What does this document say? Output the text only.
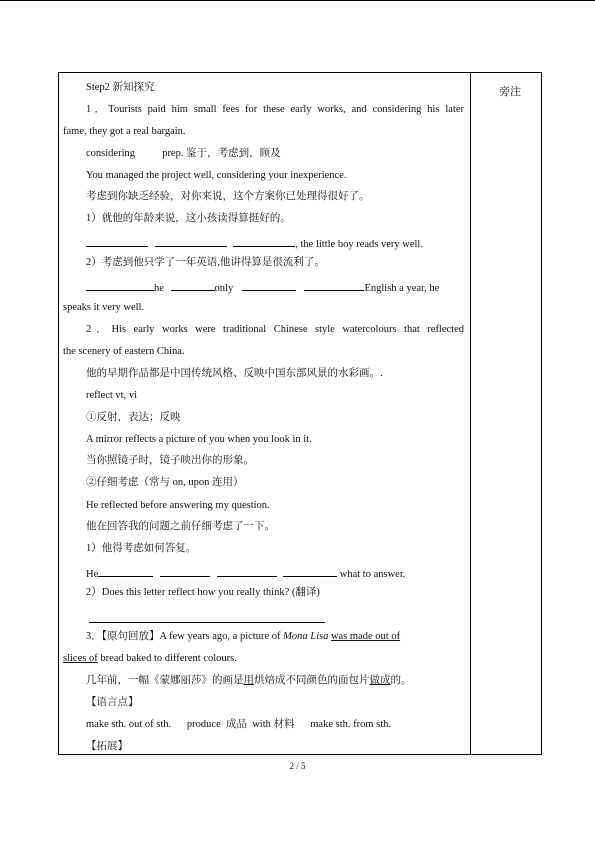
旁注
Step2 新知探究
1．Tourists paid him small fees for these early works, and considering his later
fame, they got a real bargain.
considering	prep. 鉴于，考虑到，顾及
You managed the project well, considering your inexperience.
考虑到你缺乏经验，对你来说，这个方案你已处理得很好了。
1）就他的年龄来说，这小孩读得算挺好的。
, the little boy reads very well.
2）考虑到他只学了一年英语,他讲得算是很流利了。
he	only	English a year, he
speaks it very well.
2．His early works were traditional Chinese style watercolours that reflected
the scenery of eastern China.
他的早期作品都是中国传统风格、反映中国东部风景的水彩画。.
reflect vt, vi
①反射，表达；反映
A mirror reflects a picture of you when you look in it.
当你照镜子时，镜子映出你的形象。
②仔细考虑（常与 on, upon 连用）
He reflected before answering my question.
他在回答我的问题之前仔细考虑了一下。
1）他得考虑如何答复。
He	what to answer.
2）Does this letter reflect how you really think? (翻译)
3．【原句回放】A few years ago, a picture of Mona Lisa was made out of
slices of bread baked to different colours.
几年前，一幅《蒙娜丽莎》的画是用烘焙成不同颜色的面包片做成的。
【语言点】
make sth. out of sth.      produce  成品  with 材料      make sth. from sth.
【拓展】
2 / 5
